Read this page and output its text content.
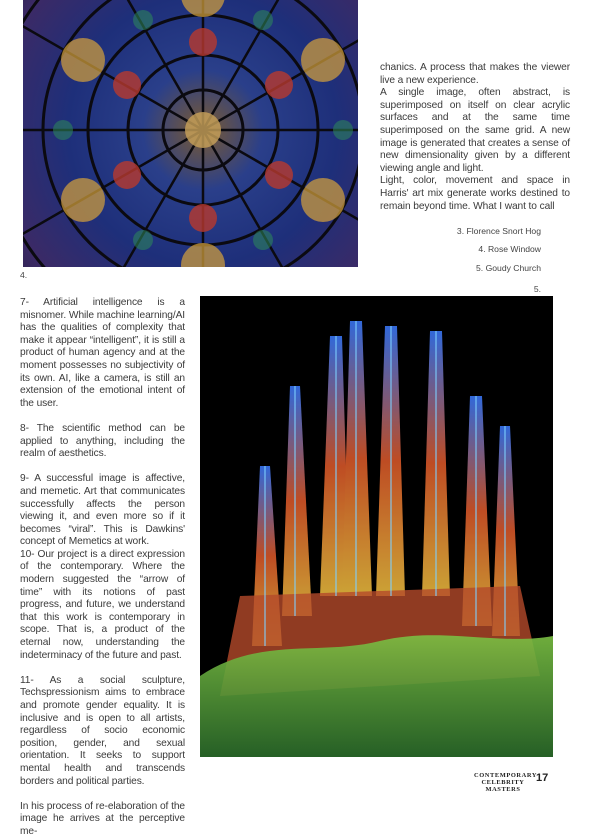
chanics. A process that makes the viewer live a new experience.

A single image, often abstract, is superimposed on itself on clear acrylic surfaces and at the same time superimposed on the same grid. A new image is generated that creates a sense of new dimensionality given by a different viewing angle and light.

Light, color, movement and space in Harris' art mix generate works destined to remain beyond time. What I want to call

3. Florence Snort Hog
4. Rose Window
5. Goudy Church
5.
4.

7- Artificial intelligence is a misnomer. While machine learning/AI has the qualities of complexity that make it appear “intelligent”, it is still a product of human agency and at the moment possesses no subjectivity of its own. AI, like a camera, is still an extension of the emotional intent of the user.

8- The scientific method can be applied to anything, including the realm of aesthetics.

9- A successful image is affective, and memetic. Art that communicates successfully affects the person viewing it, and even more so if it becomes “viral”. This is Dawkins' concept of Memetics at work.

10- Our project is a direct expression of the contemporary. Where the modern suggested the “arrow of time” with its notions of past progress, and future, we understand that this work is contemporary in scope. That is, a product of the eternal now, understanding the indeterminacy of the future and past.

11- As a social sculpture, Techspressionism aims to embrace and promote gender equality. It is inclusive and is open to all artists, regardless of socio economic position, gender, and sexual orientation. It seeks to support mental health and transcends borders and political parties.

In his process of re-elaboration of the image he arrives at the perceptive me-

CONTEMPORARY
CELEBRITY MASTERS
17
